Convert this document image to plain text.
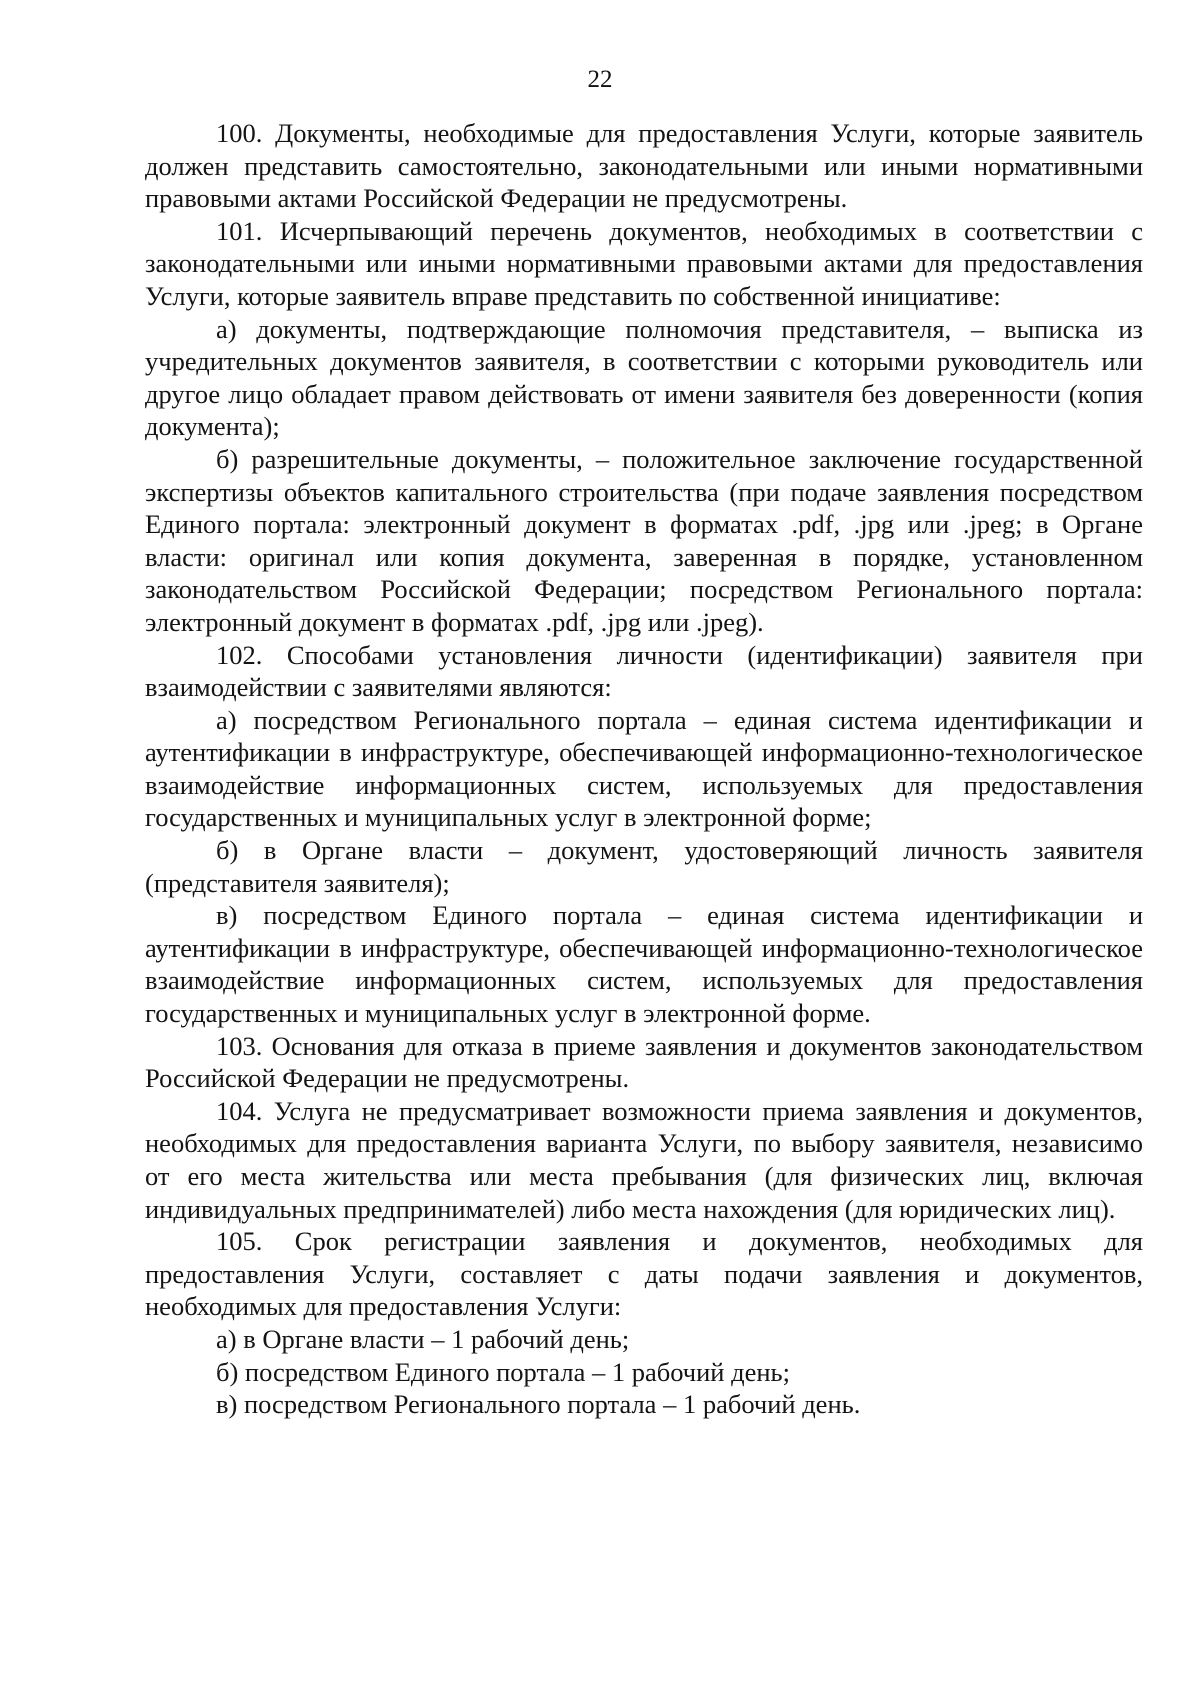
22

100. Документы, необходимые для предоставления Услуги, которые заявитель должен представить самостоятельно, законодательными или иными нормативными правовыми актами Российской Федерации не предусмотрены.

101. Исчерпывающий перечень документов, необходимых в соответствии с законодательными или иными нормативными правовыми актами для предоставления Услуги, которые заявитель вправе представить по собственной инициативе:

а) документы, подтверждающие полномочия представителя, – выписка из учредительных документов заявителя, в соответствии с которыми руководитель или другое лицо обладает правом действовать от имени заявителя без доверенности (копия документа);

б) разрешительные документы, – положительное заключение государственной экспертизы объектов капитального строительства (при подаче заявления посредством Единого портала: электронный документ в форматах .pdf, .jpg или .jpeg; в Органе власти: оригинал или копия документа, заверенная в порядке, установленном законодательством Российской Федерации; посредством Регионального портала: электронный документ в форматах .pdf, .jpg или .jpeg).

102. Способами установления личности (идентификации) заявителя при взаимодействии с заявителями являются:

а) посредством Регионального портала – единая система идентификации и аутентификации в инфраструктуре, обеспечивающей информационно-технологическое взаимодействие информационных систем, используемых для предоставления государственных и муниципальных услуг в электронной форме;

б) в Органе власти – документ, удостоверяющий личность заявителя (представителя заявителя);

в) посредством Единого портала – единая система идентификации и аутентификации в инфраструктуре, обеспечивающей информационно-технологическое взаимодействие информационных систем, используемых для предоставления государственных и муниципальных услуг в электронной форме.

103. Основания для отказа в приеме заявления и документов законодательством Российской Федерации не предусмотрены.

104. Услуга не предусматривает возможности приема заявления и документов, необходимых для предоставления варианта Услуги, по выбору заявителя, независимо от его места жительства или места пребывания (для физических лиц, включая индивидуальных предпринимателей) либо места нахождения (для юридических лиц).

105. Срок регистрации заявления и документов, необходимых для предоставления Услуги, составляет с даты подачи заявления и документов, необходимых для предоставления Услуги:

а) в Органе власти – 1 рабочий день;

б) посредством Единого портала – 1 рабочий день;

в) посредством Регионального портала – 1 рабочий день.
